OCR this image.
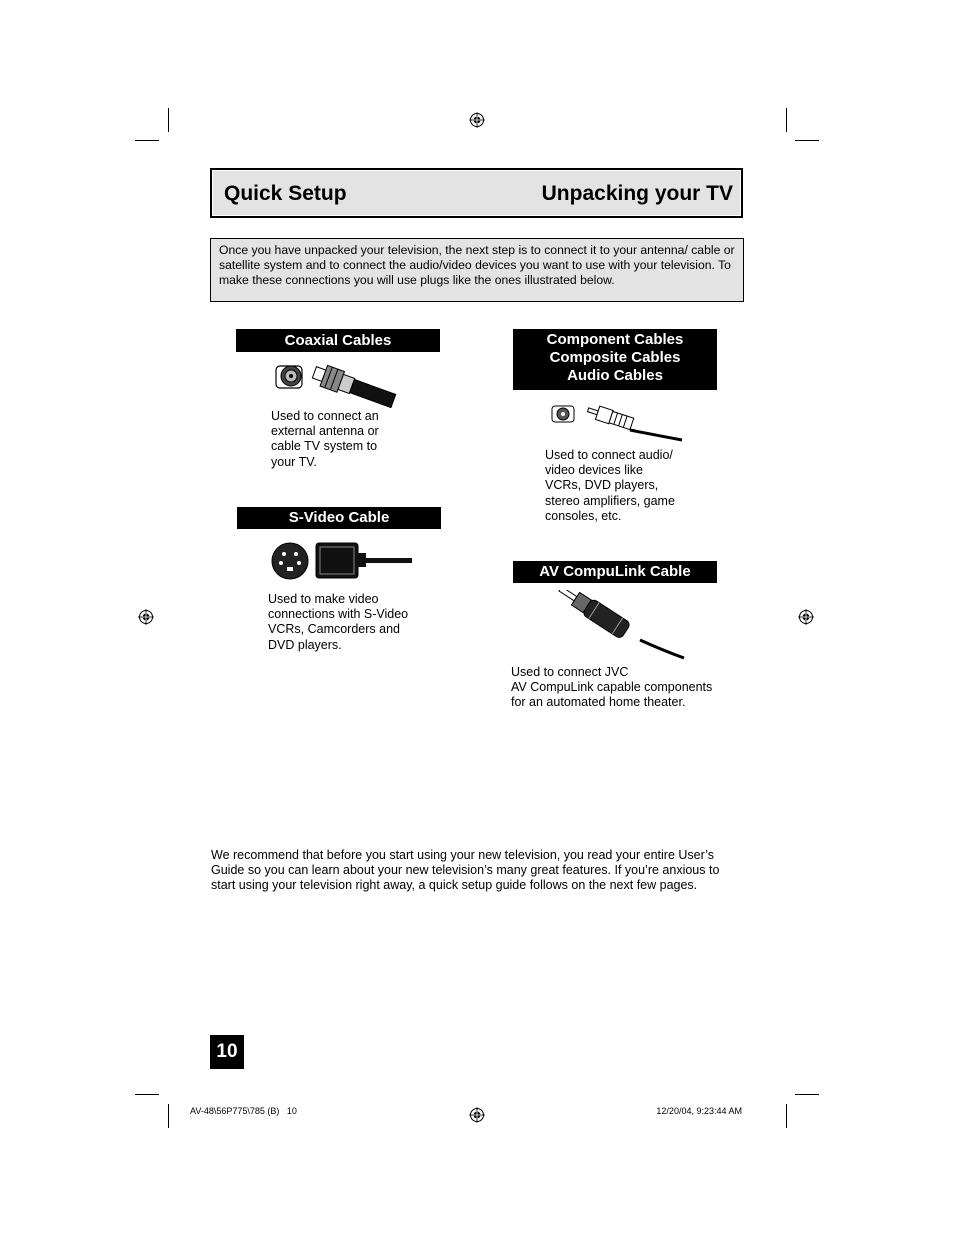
Quick Setup	Unpacking your TV
Once you have unpacked your television, the next step is to connect it to your antenna/ cable or satellite system and to connect the audio/video devices you want to use with your television. To make these connections you will use plugs like the ones illustrated below.
Coaxial Cables
Used to connect an
external antenna or
cable TV system to
your TV.
S-Video Cable
Used to make video
connections with S-Video
VCRs, Camcorders and
DVD players.
Component Cables
Composite Cables
Audio Cables
Used to connect audio/
video devices like
VCRs, DVD players,
stereo amplifiers, game
consoles, etc.
AV CompuLink Cable
Used to connect JVC
AV CompuLink capable components
for an automated home theater.
We recommend that before you start using your new television, you read your entire User’s Guide so you can learn about your new television’s many great features. If you’re anxious to start using your television right away, a quick setup guide follows on the next few pages.
10
AV-48\56P775\785 (B)   10	12/20/04, 9:23:44 AM
